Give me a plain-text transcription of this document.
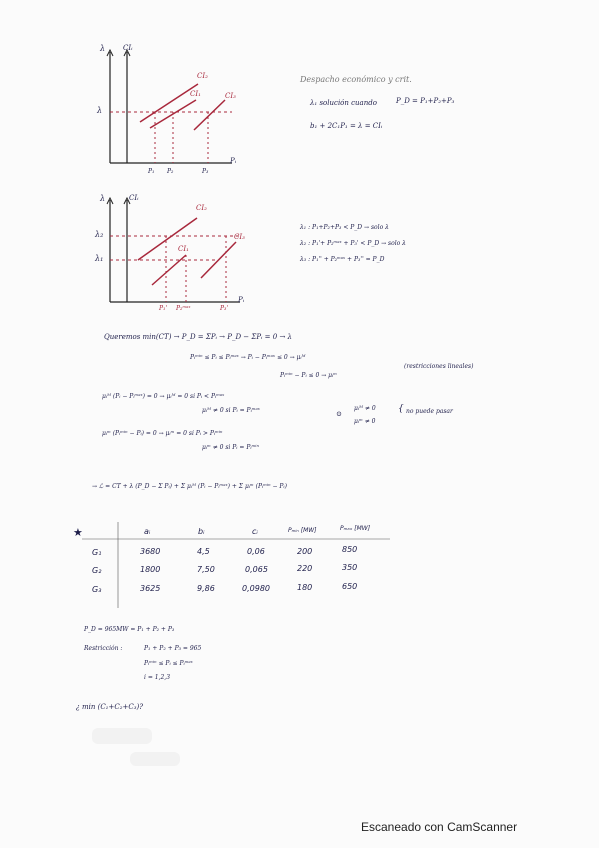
λ	CIᵢ
Pᵢ
CI₂
CI₁	CI₃
λ
P₁ P₂	P₃
Despacho económico y crit.
λ₁ solución cuando	P_D = P₁+P₂+P₃
b₁ + 2C₁P₁ = λ = CIᵢ
λ	CIᵢ
Pᵢ
CI₂
CI₁
CI₃
λ₂
λ₁
P₁' P₂ᵐᵃˣ	P₃'
λ₁ : P₁+P₂+P₃ < P_D → solo λ
λ₂ : P₁'+ P₂ᵐᵃˣ + P₃' < P_D → solo λ
λ₃ : P₁'' + P₂ᵐᵃˣ + P₃'' = P_D
Queremos min(CT) → P_D = ΣPᵢ → P_D − ΣPᵢ = 0 → λ
Pᵢᵐⁱⁿ ≤ Pᵢ ≤ Pᵢᵐᵃˣ → Pᵢ − Pᵢᵐᵃˣ ≤ 0 → μᵢᴹ
Pᵢᵐⁱⁿ − Pᵢ ≤ 0 → μᵢᵐ
(restricciones lineales)
μᵢᴹ (Pᵢ − Pᵢᵐᵃˣ) = 0 → μᵢᴹ = 0 si Pᵢ < Pᵢᵐᵃˣ
μᵢᴹ ≠ 0 si Pᵢ = Pᵢᵐᵃˣ
μᵢᵐ (Pᵢᵐⁱⁿ − Pᵢ) = 0 → μᵢᵐ = 0 si Pᵢ > Pᵢᵐⁱⁿ
μᵢᵐ ≠ 0 si Pᵢ = Pᵢᵐⁱⁿ
⊙
μᵢᴹ ≠ 0
μᵢᵐ ≠ 0
{ no puede pasar
→ ℒ = CT + λ (P_D − Σ Pᵢ) + Σ μᵢᴹ (Pᵢ − Pᵢᵐᵃˣ) + Σ μᵢᵐ (Pᵢᵐⁱⁿ − Pᵢ)
★	aᵢ	bᵢ	cᵢ	Pₘᵢₙ [MW]	Pₘₐₓ [MW]
G₁	3680	4,5	0,06	200	850
G₂	1800	7,50	0,065	220	350
G₃	3625	9,86	0,0980	180	650
P_D = 965MW = P₁ + P₂ + P₃
Restricción :	P₁ + P₂ + P₃ = 965
Pᵢᵐⁱⁿ ≤ Pᵢ ≤ Pᵢᵐᵃˣ
i = 1,2,3
¿ min (C₁+C₂+C₃)?
Escaneado con CamScanner
